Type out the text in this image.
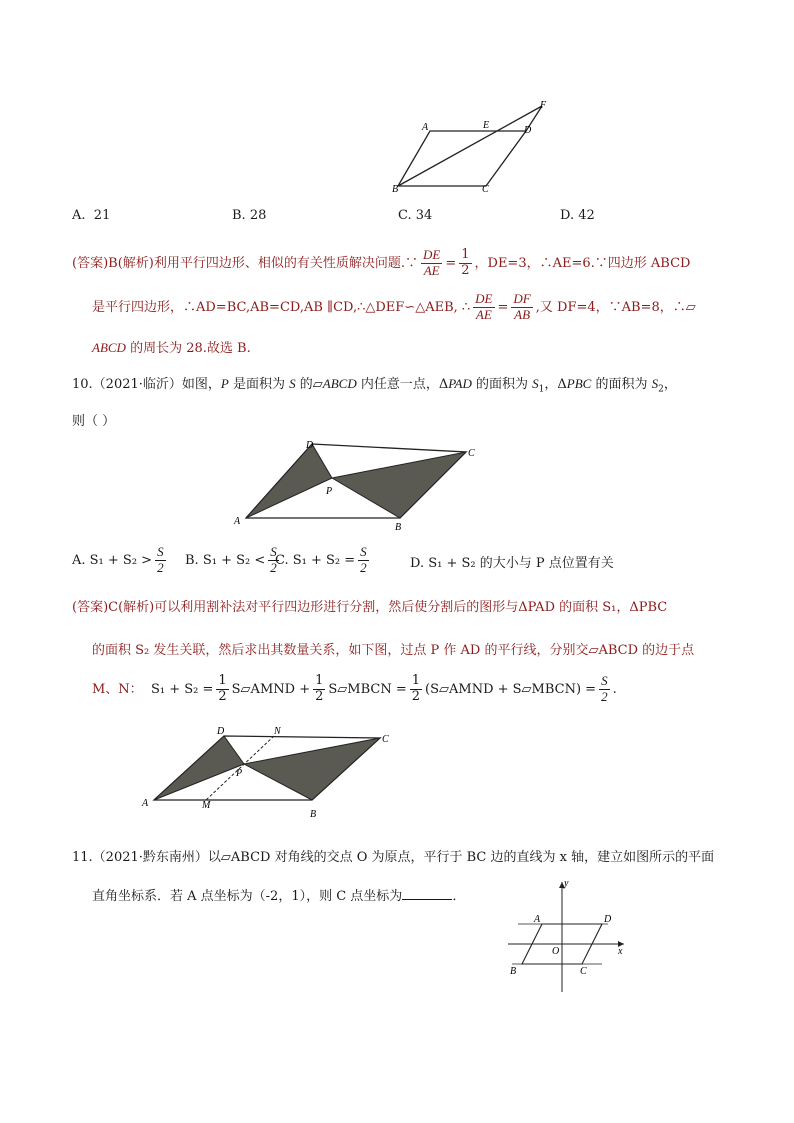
A	E	D
F
B	C
A. 21	B. 28	C. 34	D. 42
(答案)B(解析)利用平行四边形、相似的有关性质解决问题.∵ $\frac{DE}{AE} = \frac{1}{2}$ ，DE=3，∴AE=6.∵四边形 ABCD
是平行四边形，∴AD=BC,AB=CD,AB ∥CD,∴△DEF∽△AEB, ∴ $\frac{DE}{AE} = \frac{DF}{AB}$ ,又 DF=4，∵AB=8，∴▱
ABCD 的周长为 28.故选 B.
10.（2021·临沂）如图，P 是面积为 S 的▱ABCD 内任意一点，ΔPAD 的面积为 $S_1$，ΔPBC 的面积为 $S_2$，
则（ ）
D
C
P
A
B
A. $S_1 + S_2 > \frac{S}{2} B$. $S_1 + S_2 < \frac{S}{2}$
C. $S_1 + S_2 = \frac{S}{2}$	D. S₁ + S₂ 的大小与 P 点位置有关
(答案)C(解析)可以利用割补法对平行四边形进行分割，然后使分割后的图形与ΔPAD 的面积 S₁，ΔPBC
的面积 S₂ 发生关联，然后求出其数量关系，如下图，过点 P 作 AD 的平行线，分别交▱ABCD 的边于点
M、N： $S_1 + S_2 = \frac{1}{2}$ S▱AMND + $\frac{1}{2}$ S▱MBCN = $\frac{1}{2}$ (S▱AMND + S▱MBCN) = $\frac{S}{2}$ .
D
C
P
A
B
N
M
11.（2021·黔东南州）以▱ABCD 对角线的交点 O 为原点，平行于 BC 边的直线为 x 轴，建立如图所示的平面
直角坐标系．若 A 点坐标为（-2，1），则 C 点坐标为	．
y
x
A	D
O
B	C
